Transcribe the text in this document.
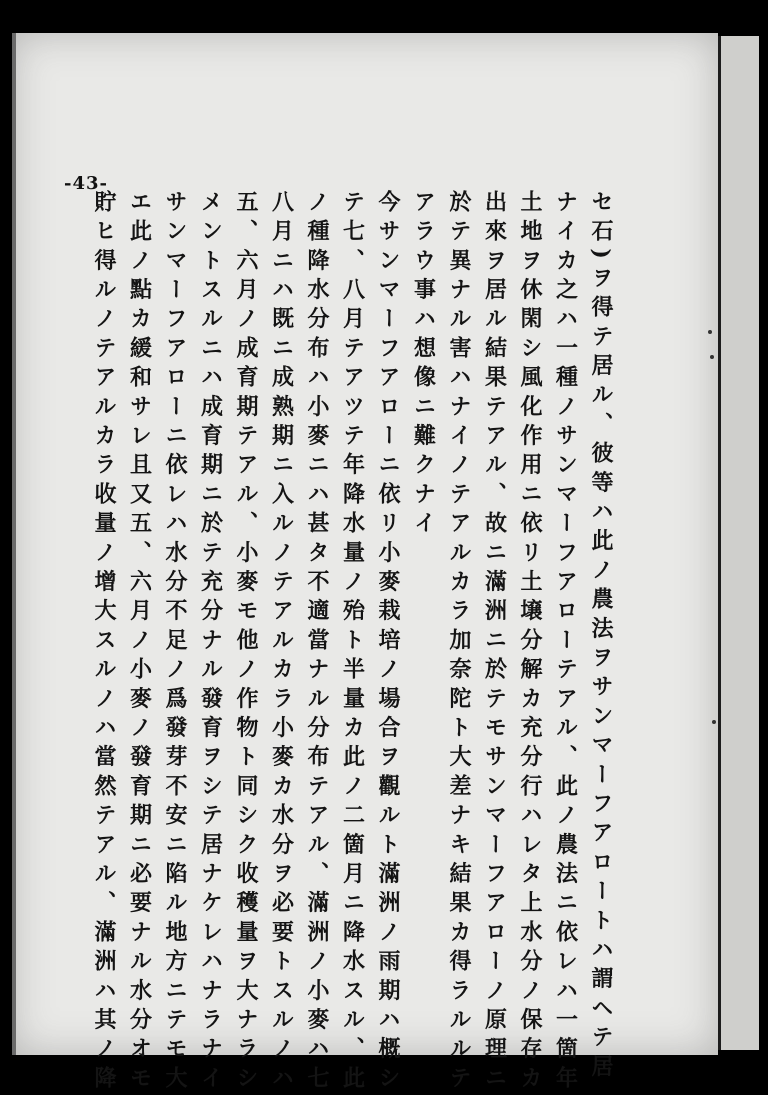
-43-
セ石)ヲ得テ居ル、彼等ハ此ノ農法ヲサンマーフアロートハ謂ヘテ居
ナイカ之ハ一種ノサンマーフアローテアル、此ノ農法ニ依レハ一箇年
土地ヲ休閑シ風化作用ニ依リ土壌分解カ充分行ハレタ上水分ノ保存カ
出來ヲ居ル結果テアル、故ニ滿洲ニ於テモサンマーフアローノ原理ニ
於テ異ナル害ハナイノテアルカラ加奈陀ト大差ナキ結果カ得ラルルテ
アラウ事ハ想像ニ難クナイ
今サンマーフアローニ依リ小麥栽培ノ場合ヲ觀ルト滿洲ノ雨期ハ概シ
テ七、八月テアツテ年降水量ノ殆ト半量カ此ノ二箇月ニ降水スル、此
ノ種降水分布ハ小麥ニハ甚タ不適當ナル分布テアル、滿洲ノ小麥ハ七
八月ニハ既ニ成熟期ニ入ルノテアルカラ小麥カ水分ヲ必要トスルノハ
五、六月ノ成育期テアル、小麥モ他ノ作物ト同シク收穫量ヲ大ナラシ
メントスルニハ成育期ニ於テ充分ナル發育ヲシテ居ナケレハナラナイ
サンマーフアローニ依レハ水分不足ノ爲發芽不安ニ陷ル地方ニテモ大
エ此ノ點カ緩和サレ且又五、六月ノ小麥ノ發育期ニ必要ナル水分オモ
貯ヒ得ルノテアルカラ收量ノ增大スルノハ當然テアル、滿洲ハ其ノ降
